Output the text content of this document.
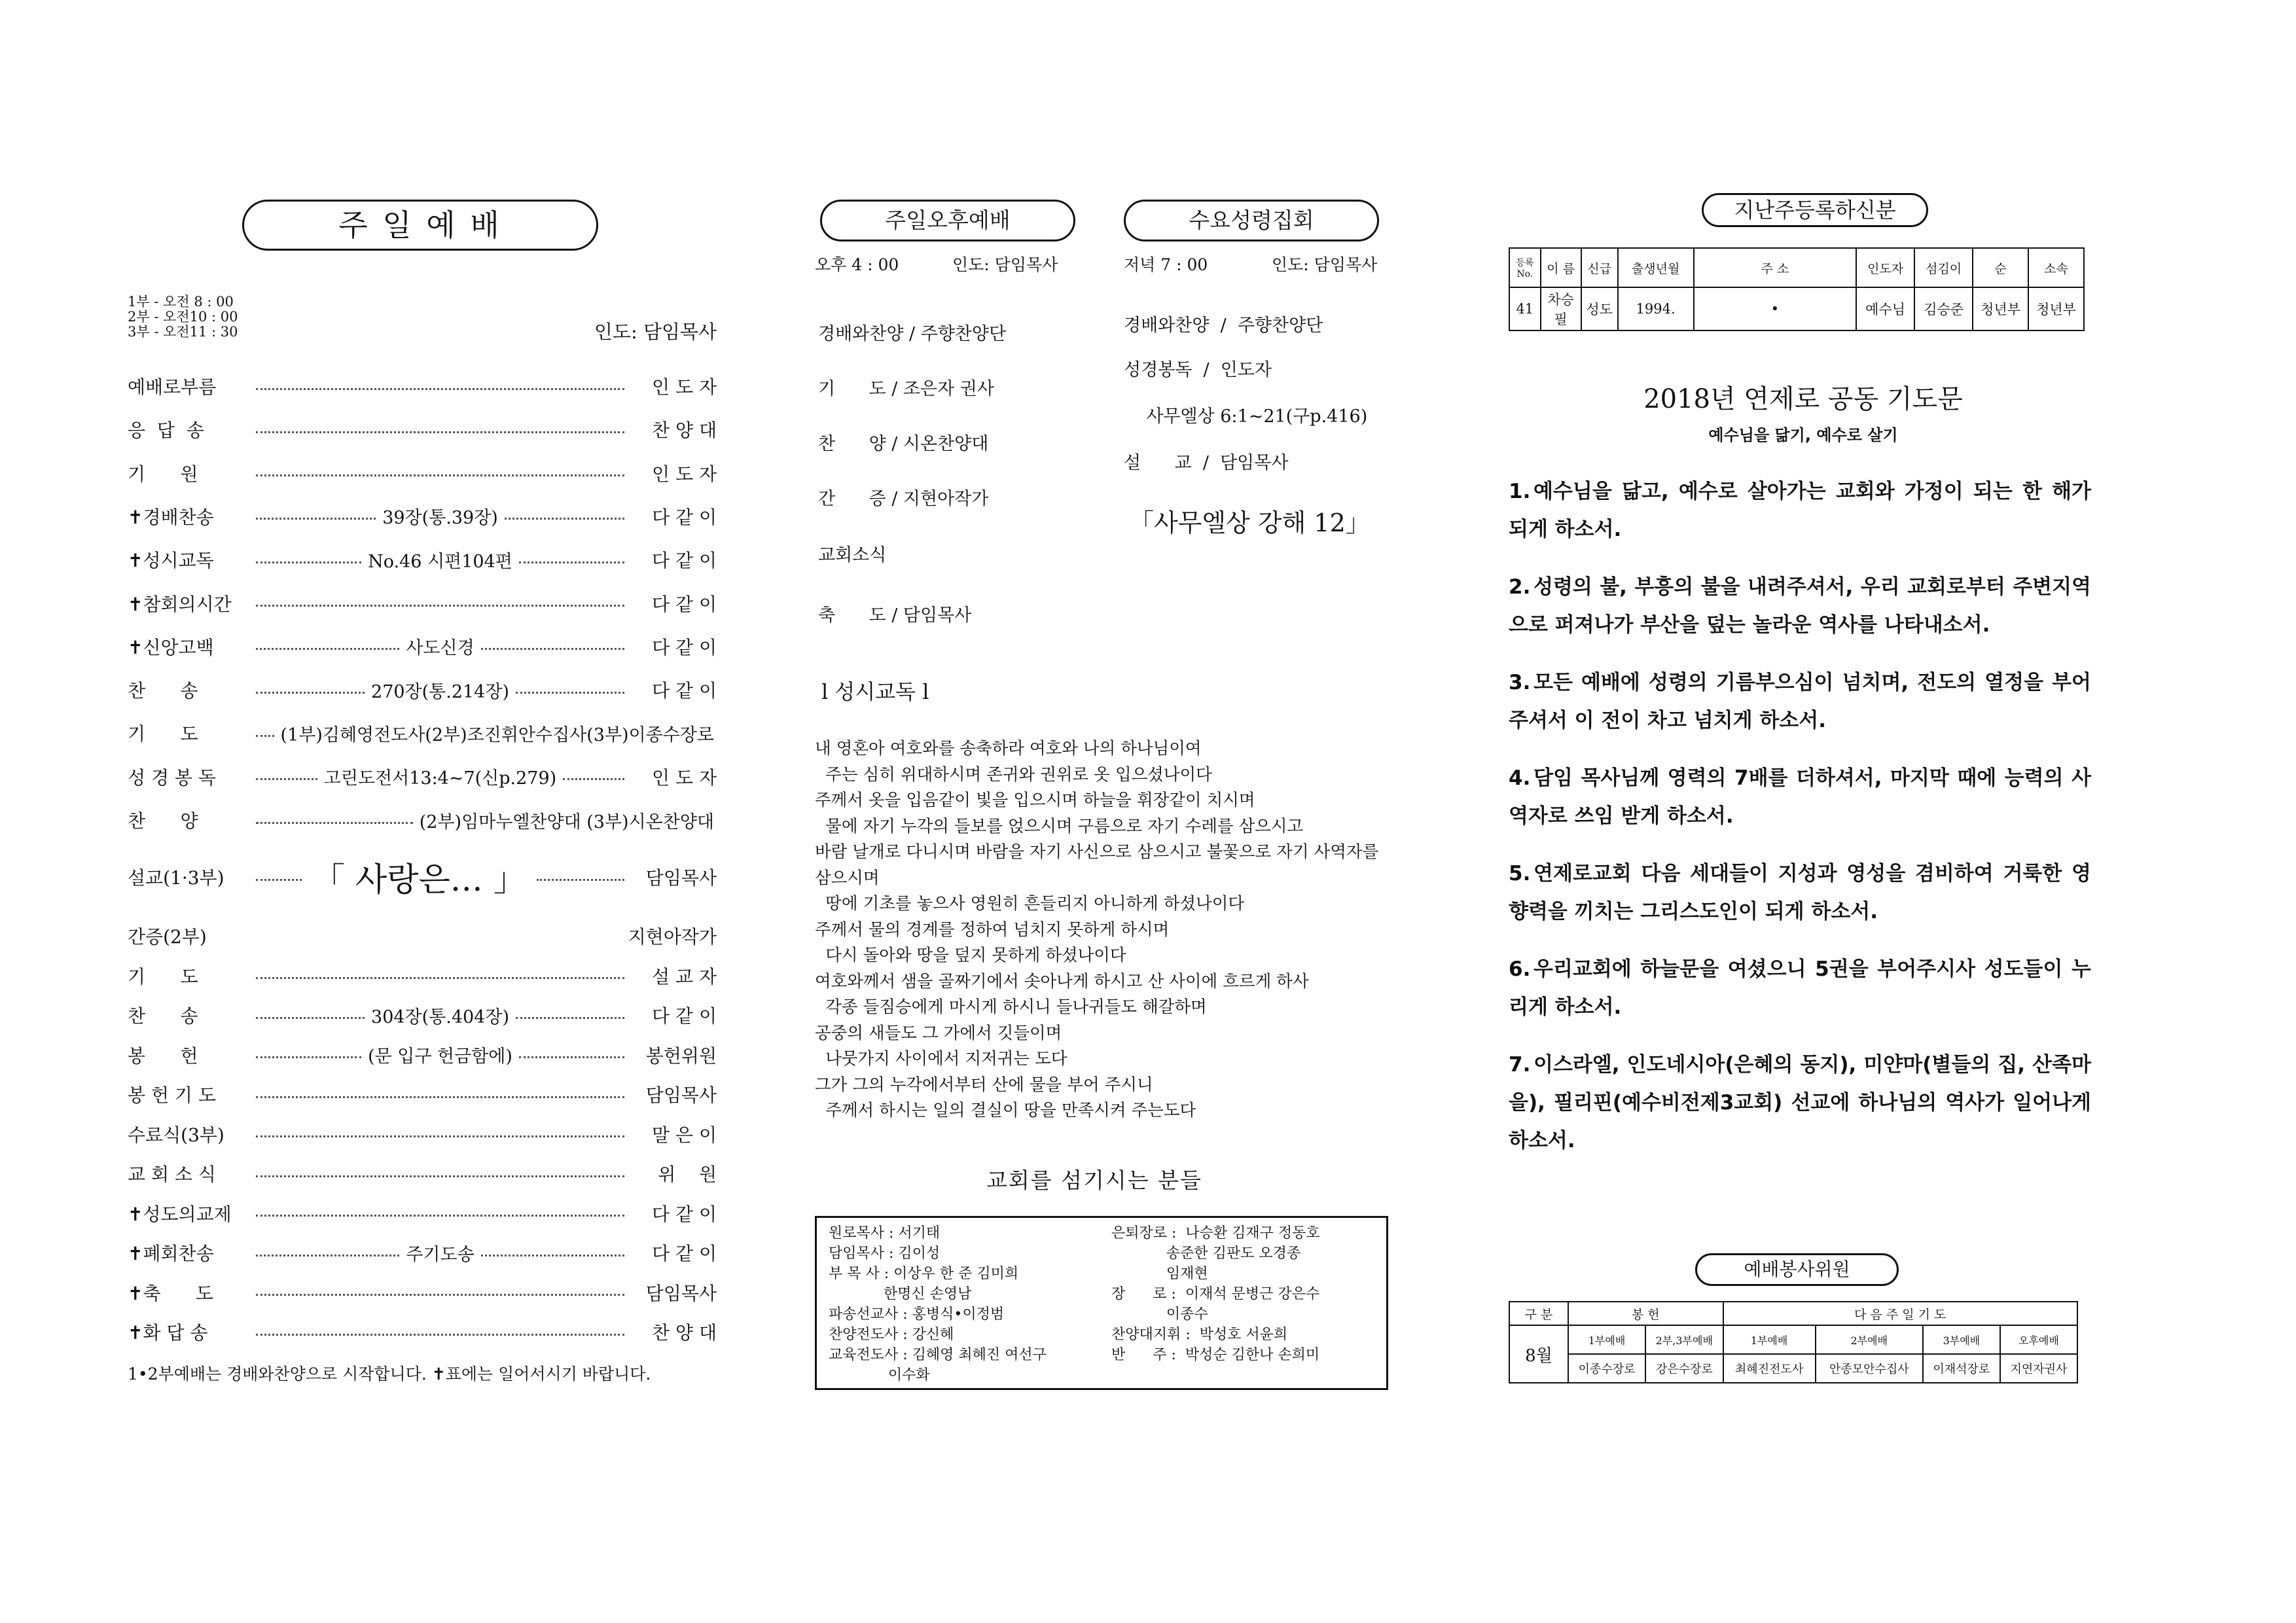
주 일 예 배
1부 - 오전 8 : 00
2부 - 오전10 : 00
3부 - 오전11 : 30	인도: 담임목사
예배로부름	인 도 자
응  답  송	찬 양 대
기      원	인 도 자
✝경배찬송	39장(통.39장)	다 같 이
✝성시교독	No.46 시편104편	다 같 이
✝참회의시간	다 같 이
✝신앙고백	사도신경	다 같 이
찬      송	270장(통.214장)	다 같 이
기      도	(1부)김혜영전도사(2부)조진휘안수집사(3부)이종수장로
성 경 봉 독	고린도전서13:4~7(신p.279)	인 도 자
찬      양	(2부)임마누엘찬양대 (3부)시온찬양대
설교(1·3부)	「 사랑은… 」	담임목사
간증(2부)	지현아작가
기      도	설 교 자
찬      송	304장(통.404장)	다 같 이
봉      헌	(문 입구 헌금함에)	봉헌위원
봉 헌 기 도	담임목사
수료식(3부)	말 은 이
교 회 소 식	위    원
✝성도의교제	다 같 이
✝폐회찬송	주기도송	다 같 이
✝축      도	담임목사
✝화 답 송	찬 양 대
1•2부예배는 경배와찬양으로 시작합니다. ✝표에는 일어서시기 바랍니다.
주일오후예배
오후 4 : 00	인도: 담임목사
경배와찬양 / 주향찬양단
기      도 / 조은자 권사
찬      양 / 시온찬양대
간      증 / 지현아작가
교회소식
축      도 / 담임목사
수요성령집회
저녁 7 : 00	인도: 담임목사
경배와찬양  /  주향찬양단
성경봉독  /  인도자
사무엘상 6:1~21(구p.416)
설      교  /  담임목사
「사무엘상 강해 12」
l 성시교독 l
내 영혼아 여호와를 송축하라 여호와 나의 하나님이여
주는 심히 위대하시며 존귀와 권위로 옷 입으셨나이다
주께서 옷을 입음같이 빛을 입으시며 하늘을 휘장같이 치시며
물에 자기 누각의 들보를 얹으시며 구름으로 자기 수레를 삼으시고
바람 날개로 다니시며 바람을 자기 사신으로 삼으시고 불꽃으로 자기 사역자를
삼으시며
땅에 기초를 놓으사 영원히 흔들리지 아니하게 하셨나이다
주께서 물의 경계를 정하여 넘치지 못하게 하시며
다시 돌아와 땅을 덮지 못하게 하셨나이다
여호와께서 샘을 골짜기에서 솟아나게 하시고 산 사이에 흐르게 하사
각종 들짐승에게 마시게 하시니 들나귀들도 해갈하며
공중의 새들도 그 가에서 깃들이며
나뭇가지 사이에서 지저귀는 도다
그가 그의 누각에서부터 산에 물을 부어 주시니
주께서 하시는 일의 결실이 땅을 만족시켜 주는도다
교회를 섬기시는 분들
원로목사 : 서기태
담임목사 : 김이성
부 목 사 : 이상우 한 준 김미희
한명신 손영남
파송선교사 : 홍병식•이정범
찬양전도사 : 강신혜
교육전도사 : 김혜영 최혜진 여선구
이수화
은퇴장로 :  나승환 김재구 정동호
송준한 김판도 오경종
임재현
장      로 :  이재석 문병근 강은수
이종수
찬양대지휘 :  박성호 서윤희
반      주 :  박성순 김한나 손희미
지난주등록하신분
등록No.	이 름	신급	출생년월	주 소	인도자	섬김이	순	소속
41	차승필	성도	1994.	•	예수님	김승준	청년부	청년부
2018년 연제로 공동 기도문
예수님을 닮기, 예수로 살기
1. 예수님을 닮고, 예수로 살아가는 교회와 가정이 되는 한 해가 되게 하소서.
2. 성령의 불, 부흥의 불을 내려주셔서, 우리 교회로부터 주변지역으로 퍼져나가 부산을 덮는 놀라운 역사를 나타내소서.
3. 모든 예배에 성령의 기름부으심이 넘치며, 전도의 열정을 부어주셔서 이 전이 차고 넘치게 하소서.
4. 담임 목사님께 영력의 7배를 더하셔서, 마지막 때에 능력의 사역자로 쓰임 받게 하소서.
5. 연제로교회 다음 세대들이 지성과 영성을 겸비하여 거룩한 영향력을 끼치는 그리스도인이 되게 하소서.
6. 우리교회에 하늘문을 여셨으니 5권을 부어주시사 성도들이 누리게 하소서.
7. 이스라엘, 인도네시아(은혜의 동지), 미얀마(별들의 집, 산족마을), 필리핀(예수비전제3교회) 선교에 하나님의 역사가 일어나게 하소서.
예배봉사위원
구 분	봉 헌		다 음 주 일 기 도			
8월	1부예배	2부,3부예배	1부예배	2부예배	3부예배	오후예배
	이종수장로	강은수장로	최혜진전도사	안종모안수집사	이재석장로	지연자권사
